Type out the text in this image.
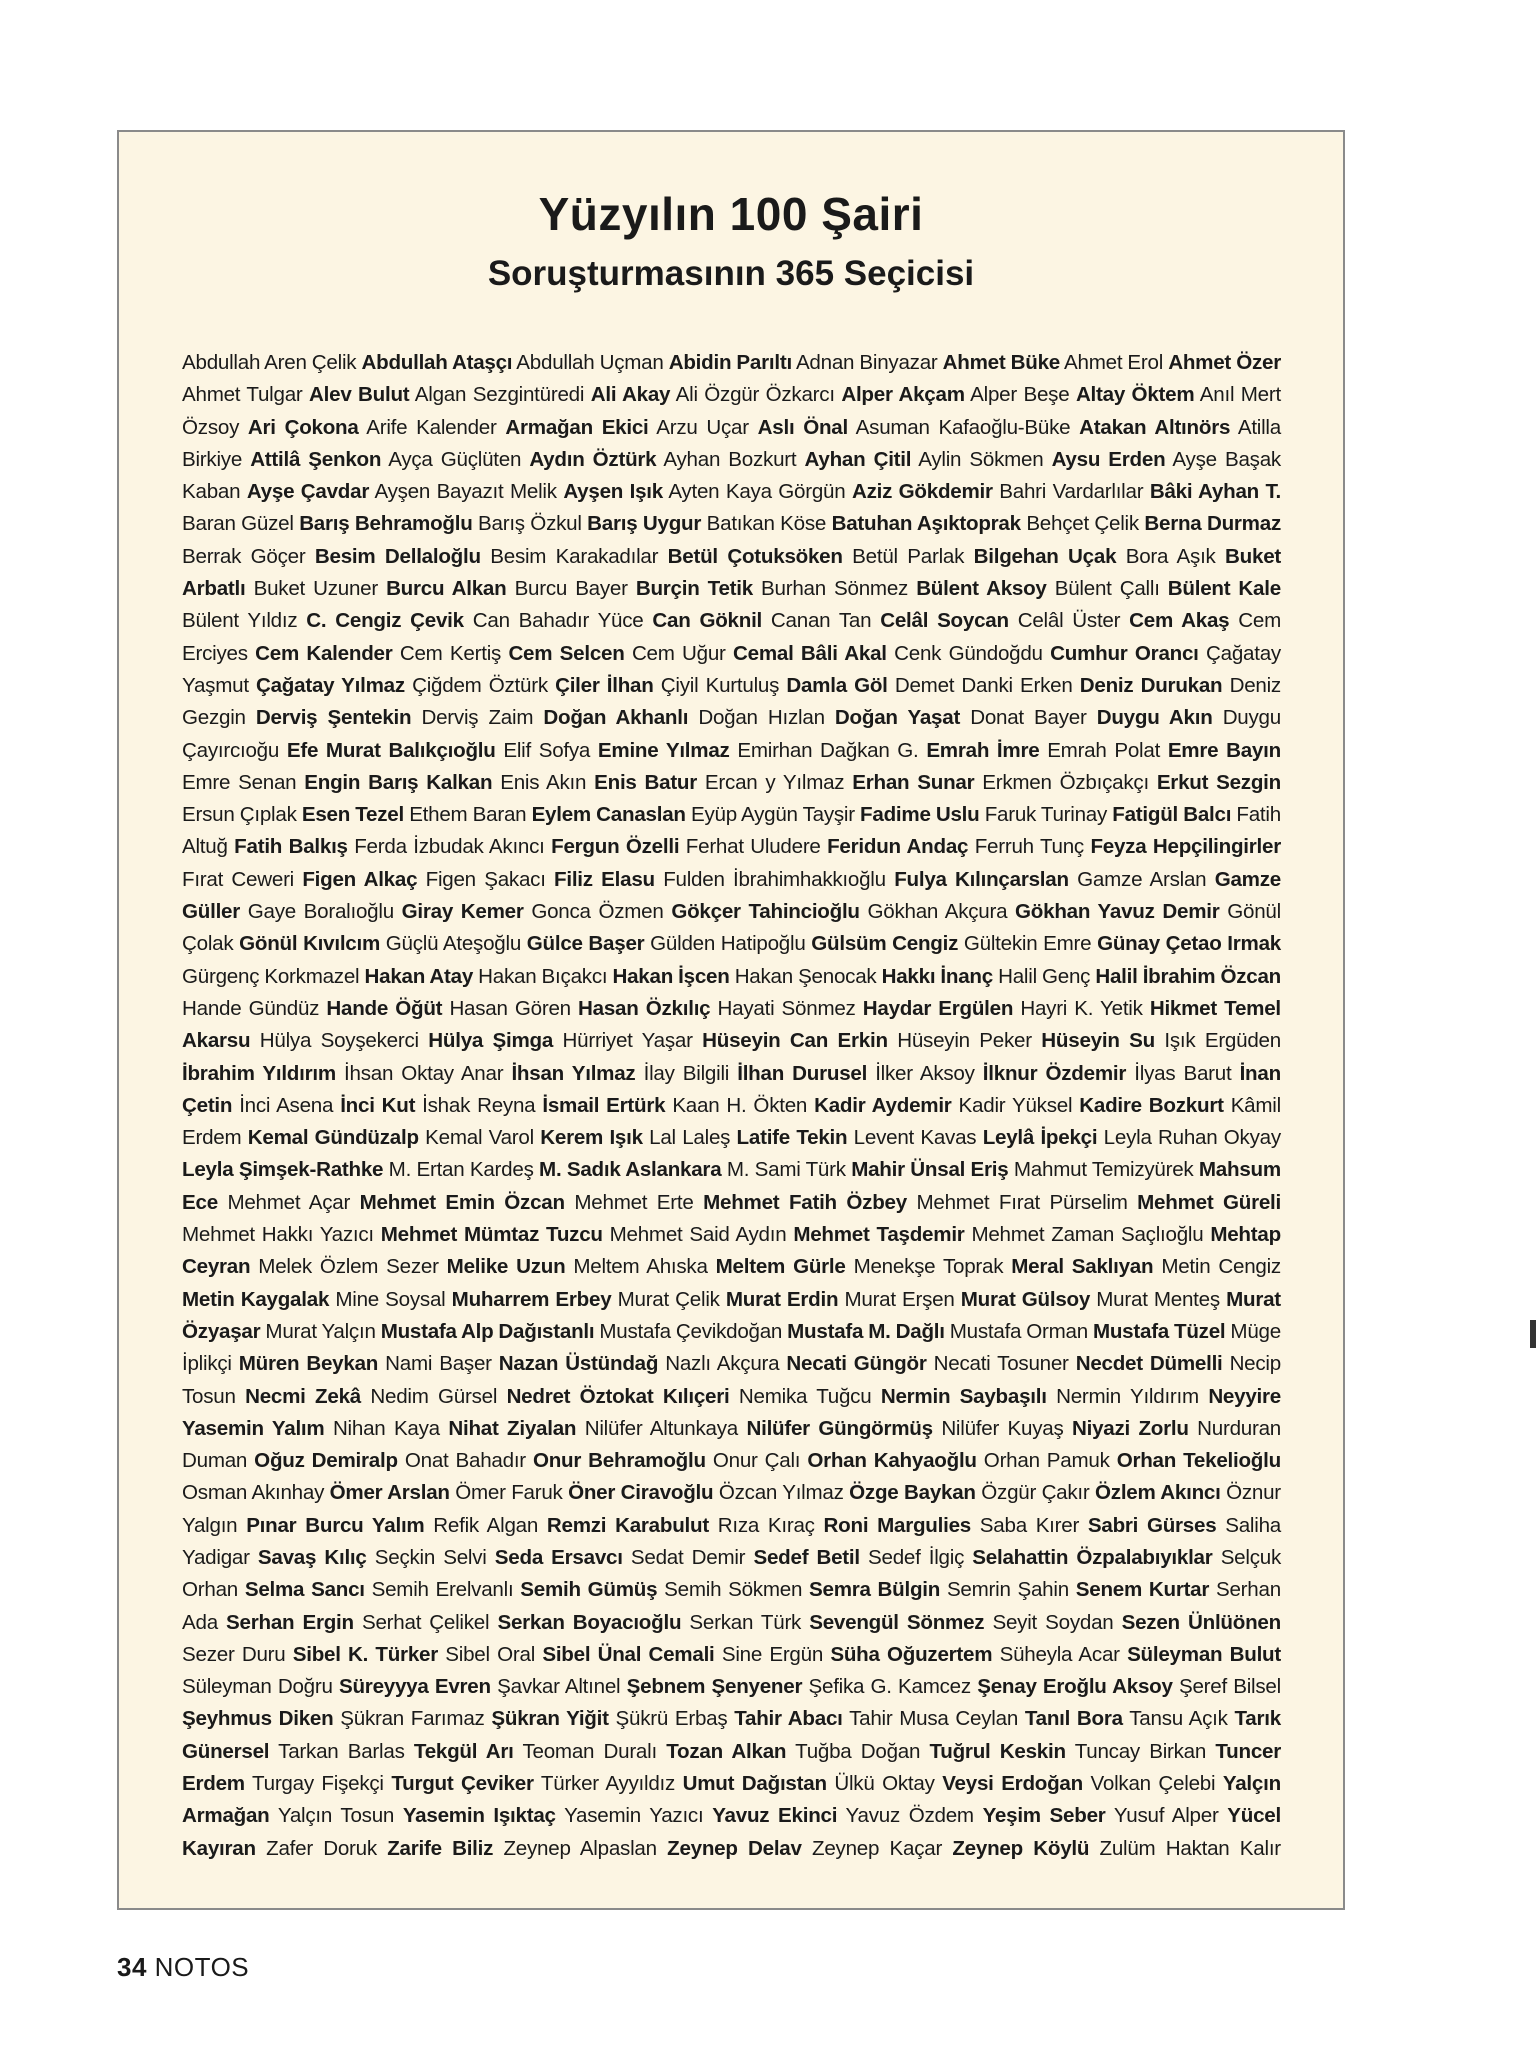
Yüzyılın 100 Şairi
Soruşturmasının 365 Seçicisi

Abdullah Aren Çelik Abdullah Ataşçı Abdullah Uçman Abidin Parıltı Adnan Binyazar Ahmet Büke Ahmet Erol Ahmet Özer Ahmet Tulgar Alev Bulut Algan Sezgintüredi Ali Akay Ali Özgür Özkarcı Alper Akçam Alper Beşe Altay Öktem Anıl Mert Özsoy Ari Çokona Arife Kalender Armağan Ekici Arzu Uçar Aslı Önal Asuman Kafaoğlu-Büke Atakan Altınörs Atilla Birkiye Attilâ Şenkon Ayça Güçlüten Aydın Öztürk Ayhan Bozkurt Ayhan Çitil Aylin Sökmen Aysu Erden Ayşe Başak Kaban Ayşe Çavdar Ayşen Bayazıt Melik Ayşen Işık Ayten Kaya Görgün Aziz Gökdemir Bahri Vardarlılar Bâki Ayhan T. Baran Güzel Barış Behramoğlu Barış Özkul Barış Uygur Batıkan Köse Batuhan Aşıktoprak Behçet Çelik Berna Durmaz Berrak Göçer Besim Dellaloğlu Besim Karakadılar Betül Çotuksöken Betül Parlak Bilgehan Uçak Bora Aşık Buket Arbatlı Buket Uzuner Burcu Alkan Burcu Bayer Burçin Tetik Burhan Sönmez Bülent Aksoy Bülent Çallı Bülent Kale Bülent Yıldız C. Cengiz Çevik Can Bahadır Yüce Can Göknil Canan Tan Celâl Soycan Celâl Üster Cem Akaş Cem Erciyes Cem Kalender Cem Kertiş Cem Selcen Cem Uğur Cemal Bâli Akal Cenk Gündoğdu Cumhur Orancı Çağatay Yaşmut Çağatay Yılmaz Çiğdem Öztürk Çiler İlhan Çiyil Kurtuluş Damla Göl Demet Danki Erken Deniz Durukan Deniz Gezgin Derviş Şentekin Derviş Zaim Doğan Akhanlı Doğan Hızlan Doğan Yaşat Donat Bayer Duygu Akın Duygu Çayırcıoğu Efe Murat Balıkçıoğlu Elif Sofya Emine Yılmaz Emirhan Dağkan G. Emrah İmre Emrah Polat Emre Bayın Emre Senan Engin Barış Kalkan Enis Akın Enis Batur Ercan y Yılmaz Erhan Sunar Erkmen Özbıçakçı Erkut Sezgin Ersun Çıplak Esen Tezel Ethem Baran Eylem Canaslan Eyüp Aygün Tayşir Fadime Uslu Faruk Turinay Fatigül Balcı Fatih Altuğ Fatih Balkış Ferda İzbudak Akıncı Fergun Özelli Ferhat Uludere Feridun Andaç Ferruh Tunç Feyza Hepçilingirler Fırat Ceweri Figen Alkaç Figen Şakacı Filiz Elasu Fulden İbrahimhakkıoğlu Fulya Kılınçarslan Gamze Arslan Gamze Güller Gaye Boralıoğlu Giray Kemer Gonca Özmen Gökçer Tahincioğlu Gökhan Akçura Gökhan Yavuz Demir Gönül Çolak Gönül Kıvılcım Güçlü Ateşoğlu Gülce Başer Gülden Hatipoğlu Gülsüm Cengiz Gültekin Emre Günay Çetao Irmak Gürgenç Korkmazel Hakan Atay Hakan Bıçakcı Hakan İşcen Hakan Şenocak Hakkı İnanç Halil Genç Halil İbrahim Özcan Hande Gündüz Hande Öğüt Hasan Gören Hasan Özkılıç Hayati Sönmez Haydar Ergülen Hayri K. Yetik Hikmet Temel Akarsu Hülya Soyşekerci Hülya Şimga Hürriyet Yaşar Hüseyin Can Erkin Hüseyin Peker Hüseyin Su Işık Ergüden İbrahim Yıldırım İhsan Oktay Anar İhsan Yılmaz İlay Bilgili İlhan Durusel İlker Aksoy İlknur Özdemir İlyas Barut İnan Çetin İnci Asena İnci Kut İshak Reyna İsmail Ertürk Kaan H. Ökten Kadir Aydemir Kadir Yüksel Kadire Bozkurt Kâmil Erdem Kemal Gündüzalp Kemal Varol Kerem Işık Lal Laleş Latife Tekin Levent Kavas Leylâ İpekçi Leyla Ruhan Okyay Leyla Şimşek-Rathke M. Ertan Kardeş M. Sadık Aslankara M. Sami Türk Mahir Ünsal Eriş Mahmut Temizyürek Mahsum Ece Mehmet Açar Mehmet Emin Özcan Mehmet Erte Mehmet Fatih Özbey Mehmet Fırat Pürselim Mehmet Güreli Mehmet Hakkı Yazıcı Mehmet Mümtaz Tuzcu Mehmet Said Aydın Mehmet Taşdemir Mehmet Zaman Saçlıoğlu Mehtap Ceyran Melek Özlem Sezer Melike Uzun Meltem Ahıska Meltem Gürle Menekşe Toprak Meral Saklıyan Metin Cengiz Metin Kaygalak Mine Soysal Muharrem Erbey Murat Çelik Murat Erdin Murat Erşen Murat Gülsoy Murat Menteş Murat Özyaşar Murat Yalçın Mustafa Alp Dağıstanlı Mustafa Çevikdoğan Mustafa M. Dağlı Mustafa Orman Mustafa Tüzel Müge İplikçi Müren Beykan Nami Başer Nazan Üstündağ Nazlı Akçura Necati Güngör Necati Tosuner Necdet Dümelli Necip Tosun Necmi Zekâ Nedim Gürsel Nedret Öztokat Kılıçeri Nemika Tuğcu Nermin Saybaşılı Nermin Yıldırım Neyyire Yasemin Yalım Nihan Kaya Nihat Ziyalan Nilüfer Altunkaya Nilüfer Güngörmüş Nilüfer Kuyaş Niyazi Zorlu Nurduran Duman Oğuz Demiralp Onat Bahadır Onur Behramoğlu Onur Çalı Orhan Kahyaoğlu Orhan Pamuk Orhan Tekelioğlu Osman Akınhay Ömer Arslan Ömer Faruk Öner Ciravoğlu Özcan Yılmaz Özge Baykan Özgür Çakır Özlem Akıncı Öznur Yalgın Pınar Burcu Yalım Refik Algan Remzi Karabulut Rıza Kıraç Roni Margulies Saba Kırer Sabri Gürses Saliha Yadigar Savaş Kılıç Seçkin Selvi Seda Ersavcı Sedat Demir Sedef Betil Sedef İlgiç Selahattin Özpalabıyıklar Selçuk Orhan Selma Sancı Semih Erelvanlı Semih Gümüş Semih Sökmen Semra Bülgin Semrin Şahin Senem Kurtar Serhan Ada Serhan Ergin Serhat Çelikel Serkan Boyacıoğlu Serkan Türk Sevengül Sönmez Seyit Soydan Sezen Ünlüönen Sezer Duru Sibel K. Türker Sibel Oral Sibel Ünal Cemali Sine Ergün Süha Oğuzertem Süheyla Acar Süleyman Bulut Süleyman Doğru Süreyyya Evren Şavkar Altınel Şebnem Şenyener Şefika G. Kamcez Şenay Eroğlu Aksoy Şeref Bilsel Şeyhmus Diken Şükran Farımaz Şükran Yiğit Şükrü Erbaş Tahir Abacı Tahir Musa Ceylan Tanıl Bora Tansu Açık Tarık Günersel Tarkan Barlas Tekgül Arı Teoman Duralı Tozan Alkan Tuğba Doğan Tuğrul Keskin Tuncay Birkan Tuncer Erdem Turgay Fişekçi Turgut Çeviker Türker Ayyıldız Umut Dağıstan Ülkü Oktay Veysi Erdoğan Volkan Çelebi Yalçın Armağan Yalçın Tosun Yasemin Işıktaç Yasemin Yazıcı Yavuz Ekinci Yavuz Özdem Yeşim Seber Yusuf Alper Yücel Kayıran Zafer Doruk Zarife Biliz Zeynep Alpaslan Zeynep Delav Zeynep Kaçar Zeynep Köylü Zulüm Haktan Kalır

34 NOTOS
